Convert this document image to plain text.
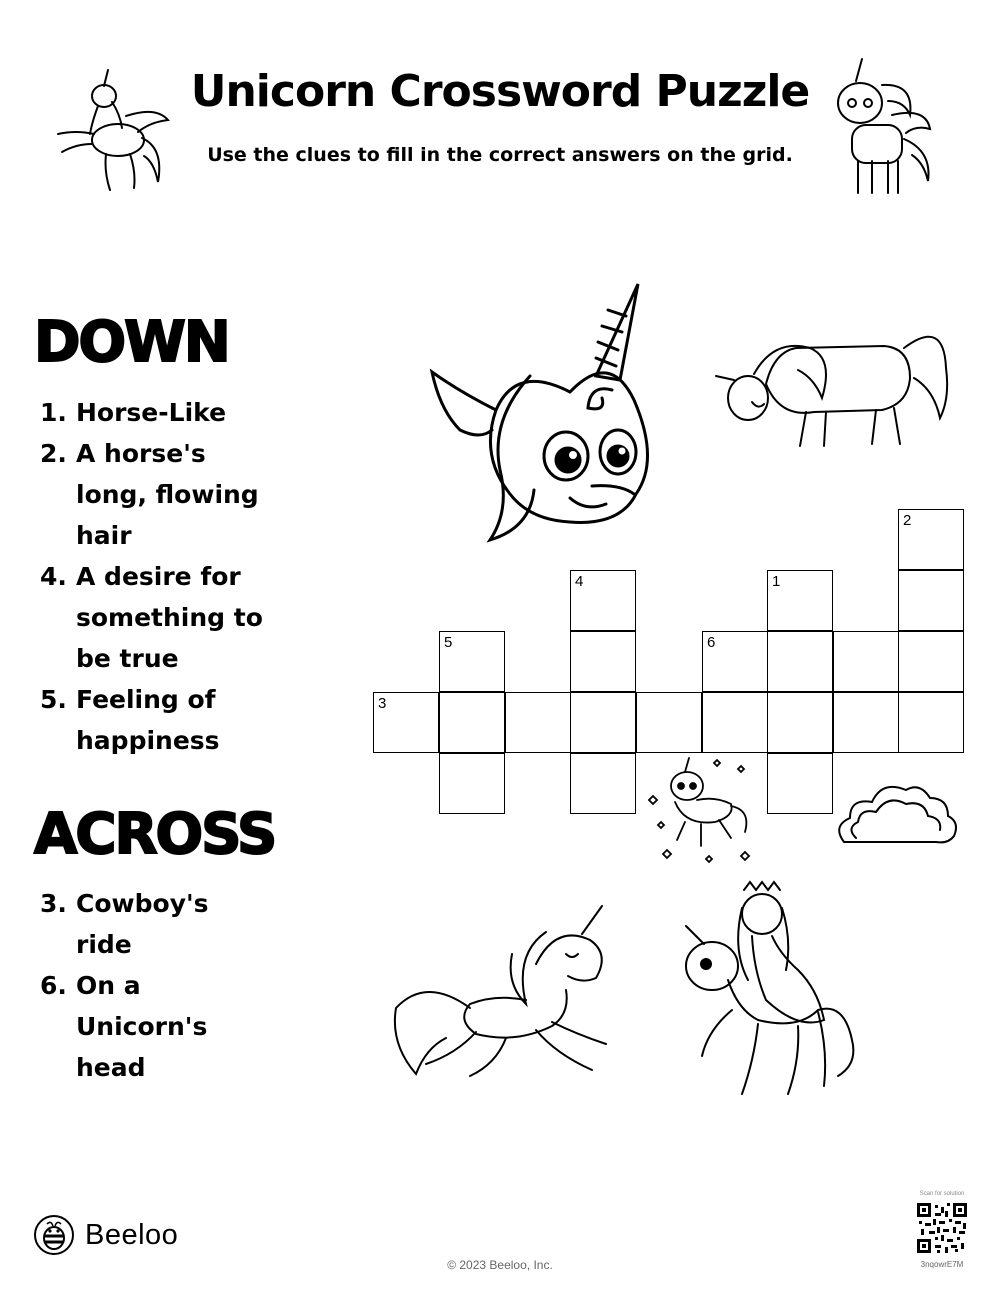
Unicorn Crossword Puzzle
Use the clues to fill in the correct answers on the grid.
DOWN
1. Horse-Like
2. A horse's long, flowing hair
4. A desire for something to be true
5. Feeling of happiness
ACROSS
3. Cowboy's ride
6. On a Unicorn's head
2
4	1
5	6
3
Beeloo
© 2023 Beeloo, Inc.
Scan for solution
3nqowrE7M
